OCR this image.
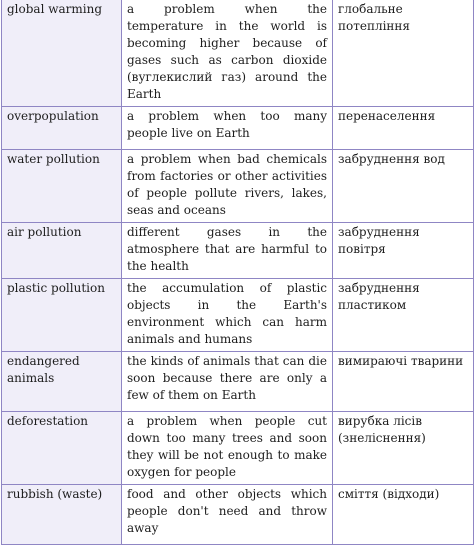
global warming	a problem when the temperature in the world is becoming higher because of gases such as carbon dioxide (вуглекислий газ) around the Earth	глобальне потепління
overpopulation	a problem when too many people live on Earth	перенаселення
water pollution	a problem when bad chemicals from factories or other activities of people pollute rivers, lakes, seas and oceans	забруднення вод
air pollution	different gases in the atmosphere that are harmful to the health	забруднення повітря
plastic pollution	the accumulation of plastic objects in the Earth's environment which can harm animals and humans	забруднення пластиком
endangered animals	the kinds of animals that can die soon because there are only a few of them on Earth	вимираючі тварини
deforestation	a problem when people cut down too many trees and soon they will be not enough to make oxygen for people	вирубка лісів (знеліснення)
rubbish (waste)	food and other objects which people don't need and throw away	сміття (відходи)
